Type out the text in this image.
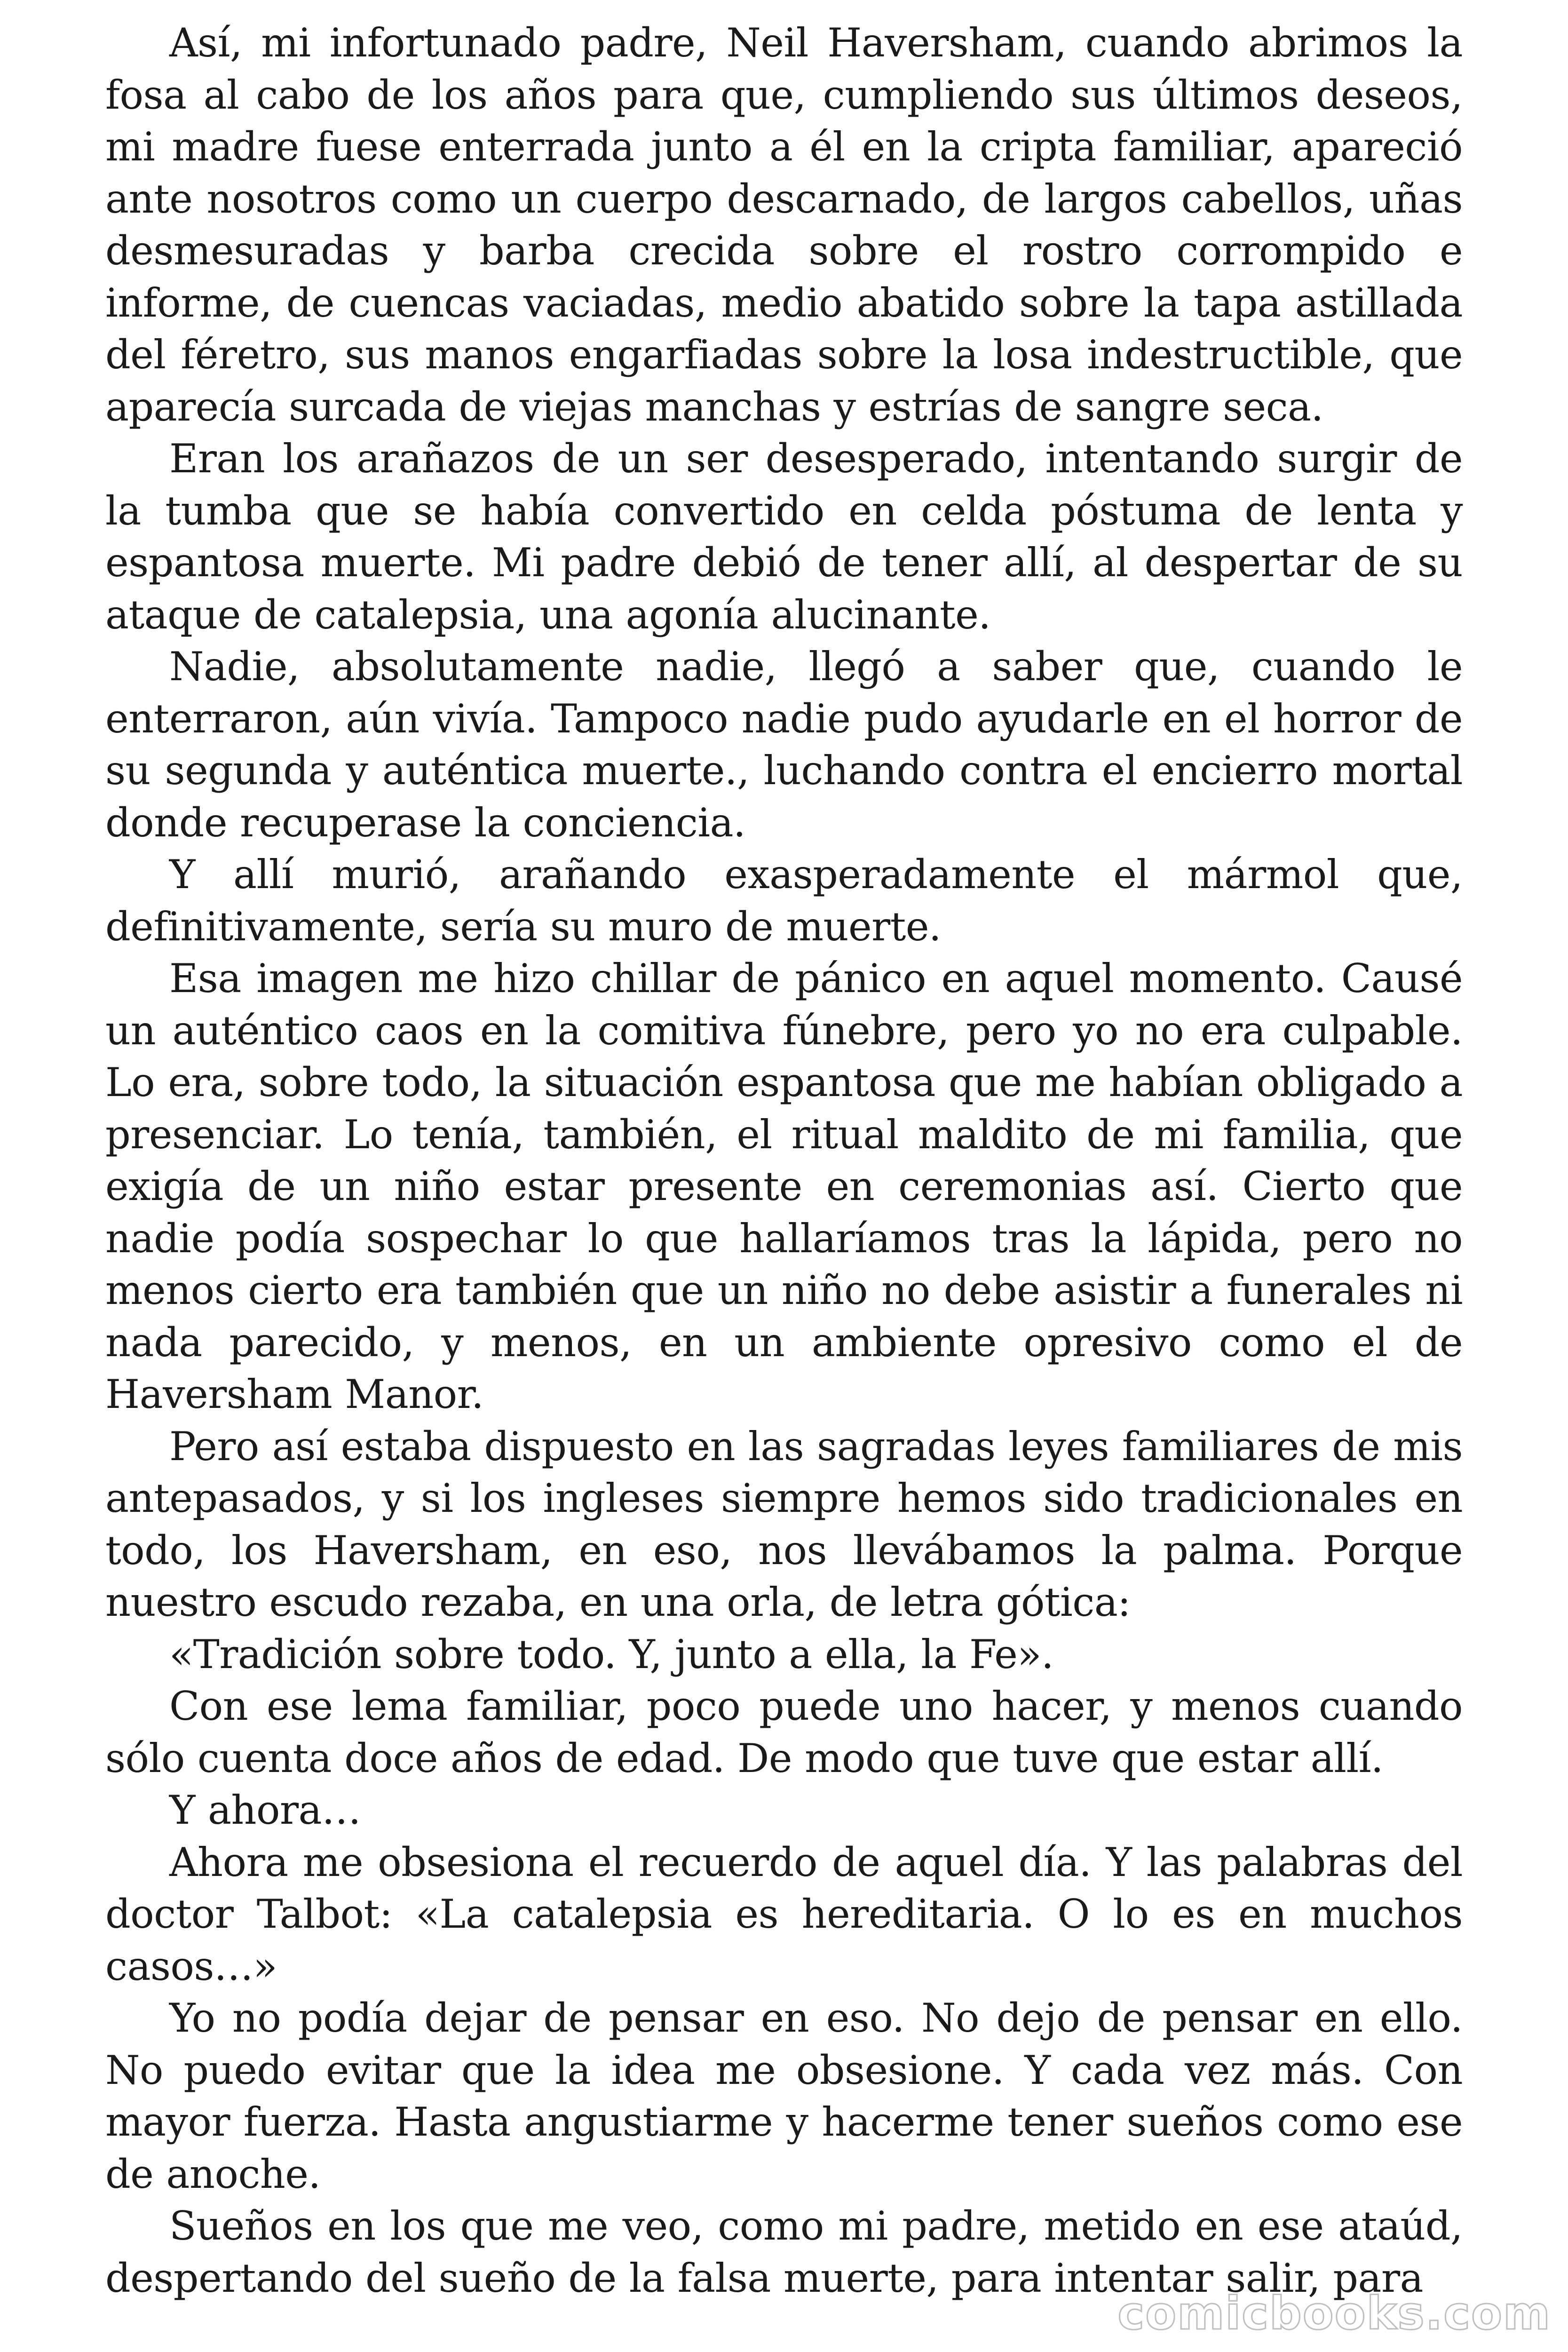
Así, mi infortunado padre, Neil Haversham, cuando abrimos la fosa al cabo de los años para que, cumpliendo sus últimos deseos, mi madre fuese enterrada junto a él en la cripta familiar, apareció ante nosotros como un cuerpo descarnado, de largos cabellos, uñas desmesuradas y barba crecida sobre el rostro corrompido e informe, de cuencas vaciadas, medio abatido sobre la tapa astillada del féretro, sus manos engarfiadas sobre la losa indestructible, que aparecía surcada de viejas manchas y estrías de sangre seca.

Eran los arañazos de un ser desesperado, intentando surgir de la tumba que se había convertido en celda póstuma de lenta y espantosa muerte. Mi padre debió de tener allí, al despertar de su ataque de catalepsia, una agonía alucinante.

Nadie, absolutamente nadie, llegó a saber que, cuando le enterraron, aún vivía. Tampoco nadie pudo ayudarle en el horror de su segunda y auténtica muerte., luchando contra el encierro mortal donde recuperase la conciencia.

Y allí murió, arañando exasperadamente el mármol que, definitivamente, sería su muro de muerte.

Esa imagen me hizo chillar de pánico en aquel momento. Causé un auténtico caos en la comitiva fúnebre, pero yo no era culpable. Lo era, sobre todo, la situación espantosa que me habían obligado a presenciar. Lo tenía, también, el ritual maldito de mi familia, que exigía de un niño estar presente en ceremonias así. Cierto que nadie podía sospechar lo que hallaríamos tras la lápida, pero no menos cierto era también que un niño no debe asistir a funerales ni nada parecido, y menos, en un ambiente opresivo como el de Haversham Manor.

Pero así estaba dispuesto en las sagradas leyes familiares de mis antepasados, y si los ingleses siempre hemos sido tradicionales en todo, los Haversham, en eso, nos llevábamos la palma. Porque nuestro escudo rezaba, en una orla, de letra gótica:

«Tradición sobre todo. Y, junto a ella, la Fe».

Con ese lema familiar, poco puede uno hacer, y menos cuando sólo cuenta doce años de edad. De modo que tuve que estar allí.

Y ahora…

Ahora me obsesiona el recuerdo de aquel día. Y las palabras del doctor Talbot: «La catalepsia es hereditaria. O lo es en muchos casos…»

Yo no podía dejar de pensar en eso. No dejo de pensar en ello. No puedo evitar que la idea me obsesione. Y cada vez más. Con mayor fuerza. Hasta angustiarme y hacerme tener sueños como ese de anoche.

Sueños en los que me veo, como mi padre, metido en ese ataúd, despertando del sueño de la falsa muerte, para intentar salir, para

comicbooks.com
